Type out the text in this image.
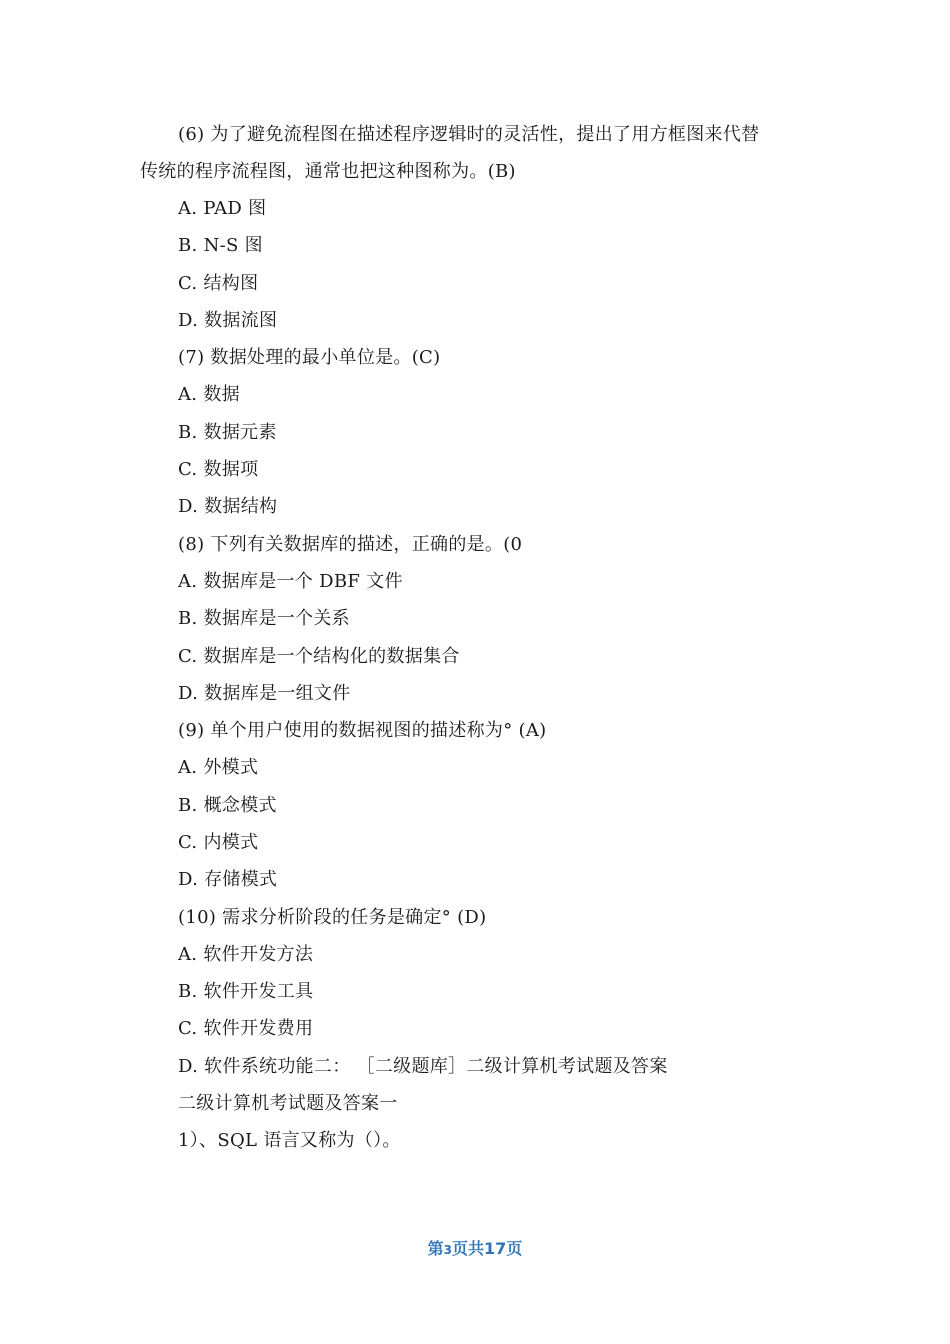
(6) 为了避免流程图在描述程序逻辑时的灵活性，提出了用方框图来代替
传统的程序流程图，通常也把这种图称为。(B)
A. PAD 图
B. N-S 图
C. 结构图
D. 数据流图
(7) 数据处理的最小单位是。(C)
A. 数据
B. 数据元素
C. 数据项
D. 数据结构
(8) 下列有关数据库的描述，正确的是。(0
A. 数据库是一个 DBF 文件
B. 数据库是一个关系
C. 数据库是一个结构化的数据集合
D. 数据库是一组文件
(9) 单个用户使用的数据视图的描述称为° (A)
A. 外模式
B. 概念模式
C. 内模式
D. 存储模式
(10) 需求分析阶段的任务是确定° (D)
A. 软件开发方法
B. 软件开发工具
C. 软件开发费用
D. 软件系统功能二： ［二级题库］二级计算机考试题及答案
二级计算机考试题及答案一
1）、SQL 语言又称为（）。
第3页共17页
